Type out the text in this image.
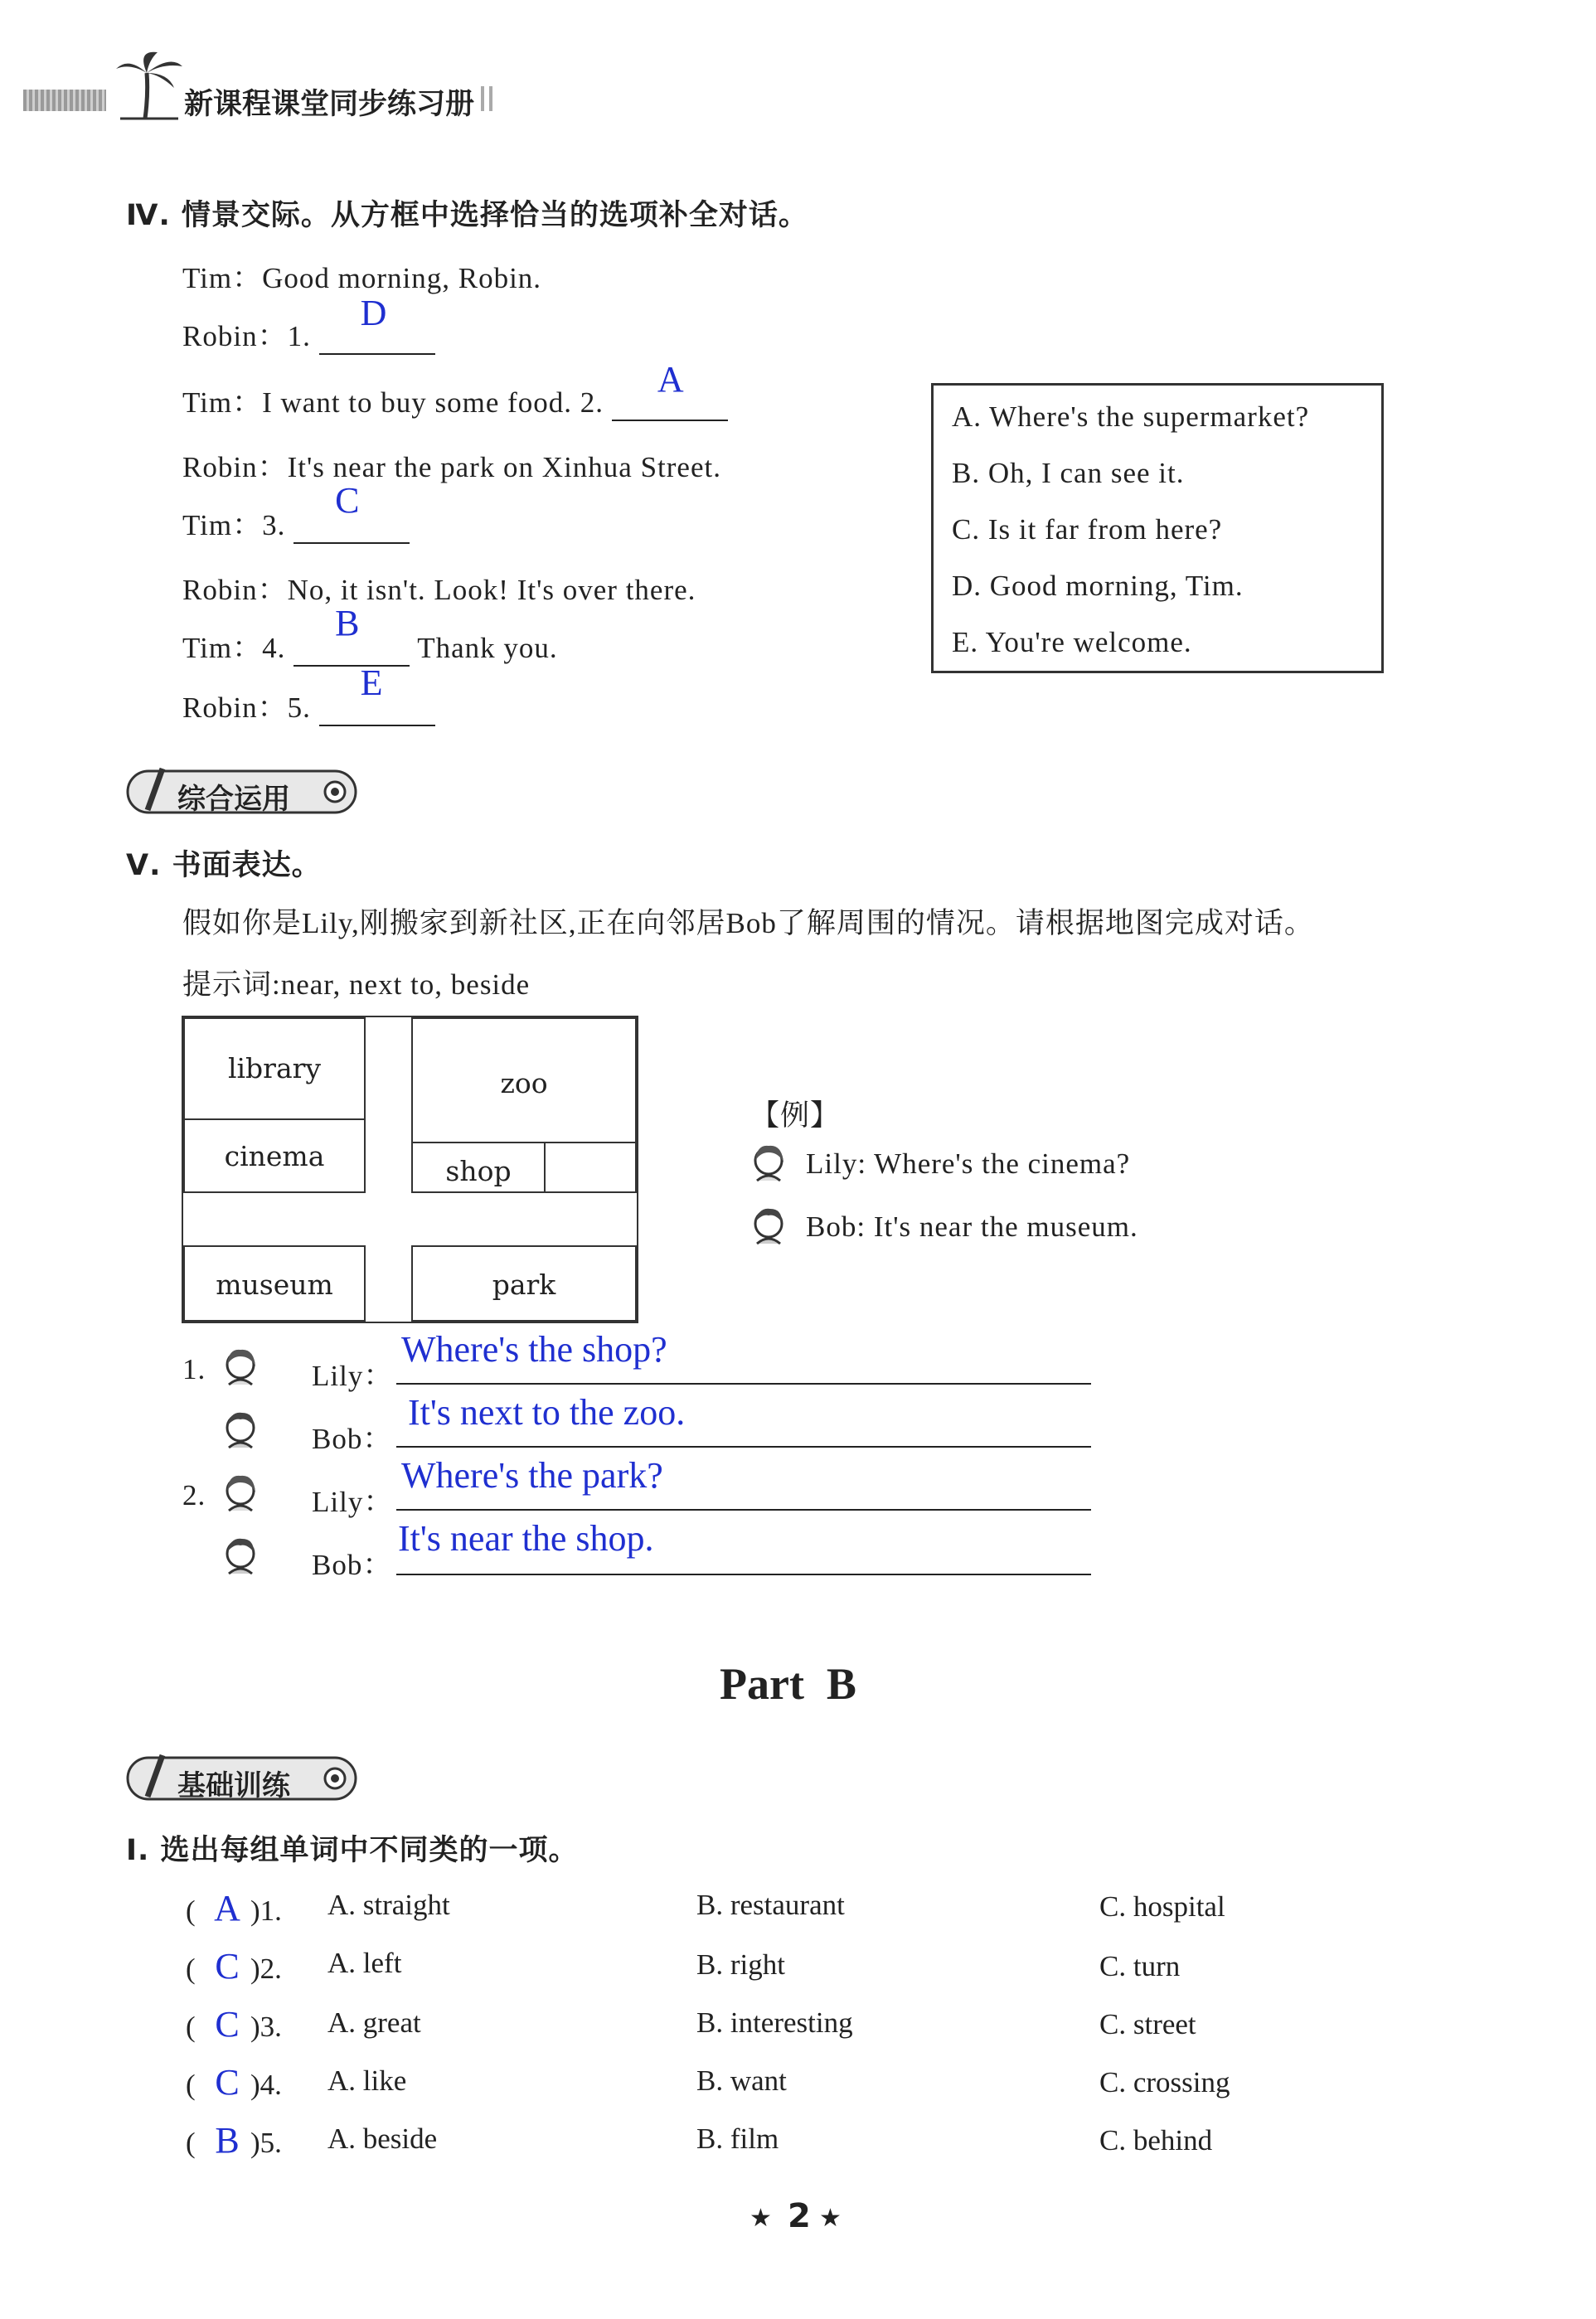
新课程课堂同步练习册
Ⅳ. 情景交际。从方框中选择恰当的选项补全对话。
Tim：Good morning, Robin.
Robin：1.
D

Tim：I want to buy some food. 2.
A

Robin：It's near the park on Xinhua Street.
Tim：3.
C

Robin：No, it isn't. Look! It's over there.
Tim：4.
B
Thank you.
Robin：5.
E

A. Where's the supermarket?
B. Oh, I can see it.
C. Is it far from here?
D. Good morning, Tim.
E. You're welcome.
综合运用
Ⅴ. 书面表达。
假如你是Lily,刚搬家到新社区,正在向邻居Bob了解周围的情况。请根据地图完成对话。
提示词:near, next to, beside
library	zoo
cinema	shop
museum	park
【例】
Lily: Where's the cinema?
Bob: It's near the museum.
1.	Lily：
Where's the shop?
Bob：
It's next to the zoo.
2.	Lily：
Where's the park?
Bob：
It's near the shop.
Part  B
基础训练
Ⅰ. 选出每组单词中不同类的一项。
( A )1. A. straight	B. restaurant	C. hospital
( C )2. A. left	B. right	C. turn
( C )3. A. great	B. interesting	C. street
( C )4. A. like	B. want	C. crossing
( B )5. A. beside	B. film	C. behind
★ 2 ★
